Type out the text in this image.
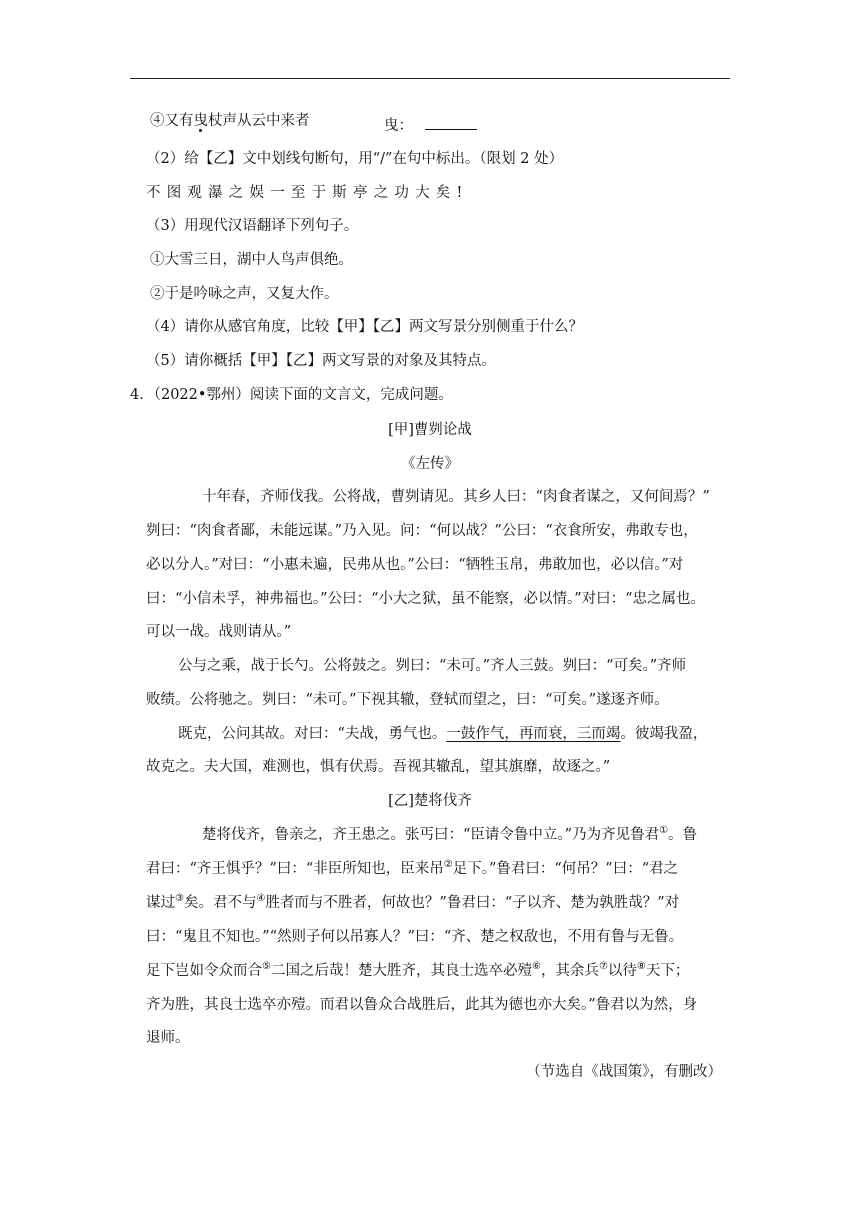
④又有曳杖声从云中来者	曳：
（2）给【乙】文中划线句断句，用“/”在句中标出。（限划 2 处）
不图观瀑之娱一至于斯亭之功大矣!
（3）用现代汉语翻译下列句子。
①大雪三日，湖中人鸟声俱绝。
②于是吟咏之声，又复大作。
（4）请你从感官角度，比较【甲】【乙】两文写景分别侧重于什么？
（5）请你概括【甲】【乙】两文写景的对象及其特点。
4．（2022•鄂州）阅读下面的文言文，完成问题。
[甲]曹刿论战
《左传》
十年春，齐师伐我。公将战，曹刿请见。其乡人曰：“肉食者谋之，又何间焉？”
刿曰：“肉食者鄙，未能远谋。”乃入见。问：“何以战？”公曰：“衣食所安，弗敢专也，
必以分人。”对曰：“小惠未遍，民弗从也。”公曰：“牺牲玉帛，弗敢加也，必以信。”对
曰：“小信未孚，神弗福也。”公曰：“小大之狱，虽不能察，必以情。”对曰：“忠之属也。
可以一战。战则请从。”
公与之乘，战于长勺。公将鼓之。刿曰：“未可。”齐人三鼓。刿曰：“可矣。”齐师
败绩。公将驰之。刿曰：“未可。”下视其辙，登轼而望之，曰：“可矣。”遂逐齐师。
既克，公问其故。对曰：“夫战，勇气也。一鼓作气，再而衰，三而竭。彼竭我盈，
故克之。夫大国，难测也，惧有伏焉。吾视其辙乱，望其旗靡，故逐之。”
[乙]楚将伐齐
楚将伐齐，鲁亲之，齐王患之。张丐曰：“臣请令鲁中立。”乃为齐见鲁君①。鲁
君曰：“齐王惧乎？”曰：“非臣所知也，臣来吊②足下。”鲁君曰：“何吊？”曰：“君之
谋过③矣。君不与④胜者而与不胜者，何故也？”鲁君曰：“子以齐、楚为孰胜哉？”对
曰：“鬼且不知也。”“然则子何以吊寡人？”曰：“齐、楚之权敌也，不用有鲁与无鲁。
足下岂如令众而合⑤二国之后哉！楚大胜齐，其良士选卒必殪⑥，其余兵⑦以待⑧天下；
齐为胜，其良士选卒亦殪。而君以鲁众合战胜后，此其为德也亦大矣。”鲁君以为然，身
退师。
（节选自《战国策》，有删改）
